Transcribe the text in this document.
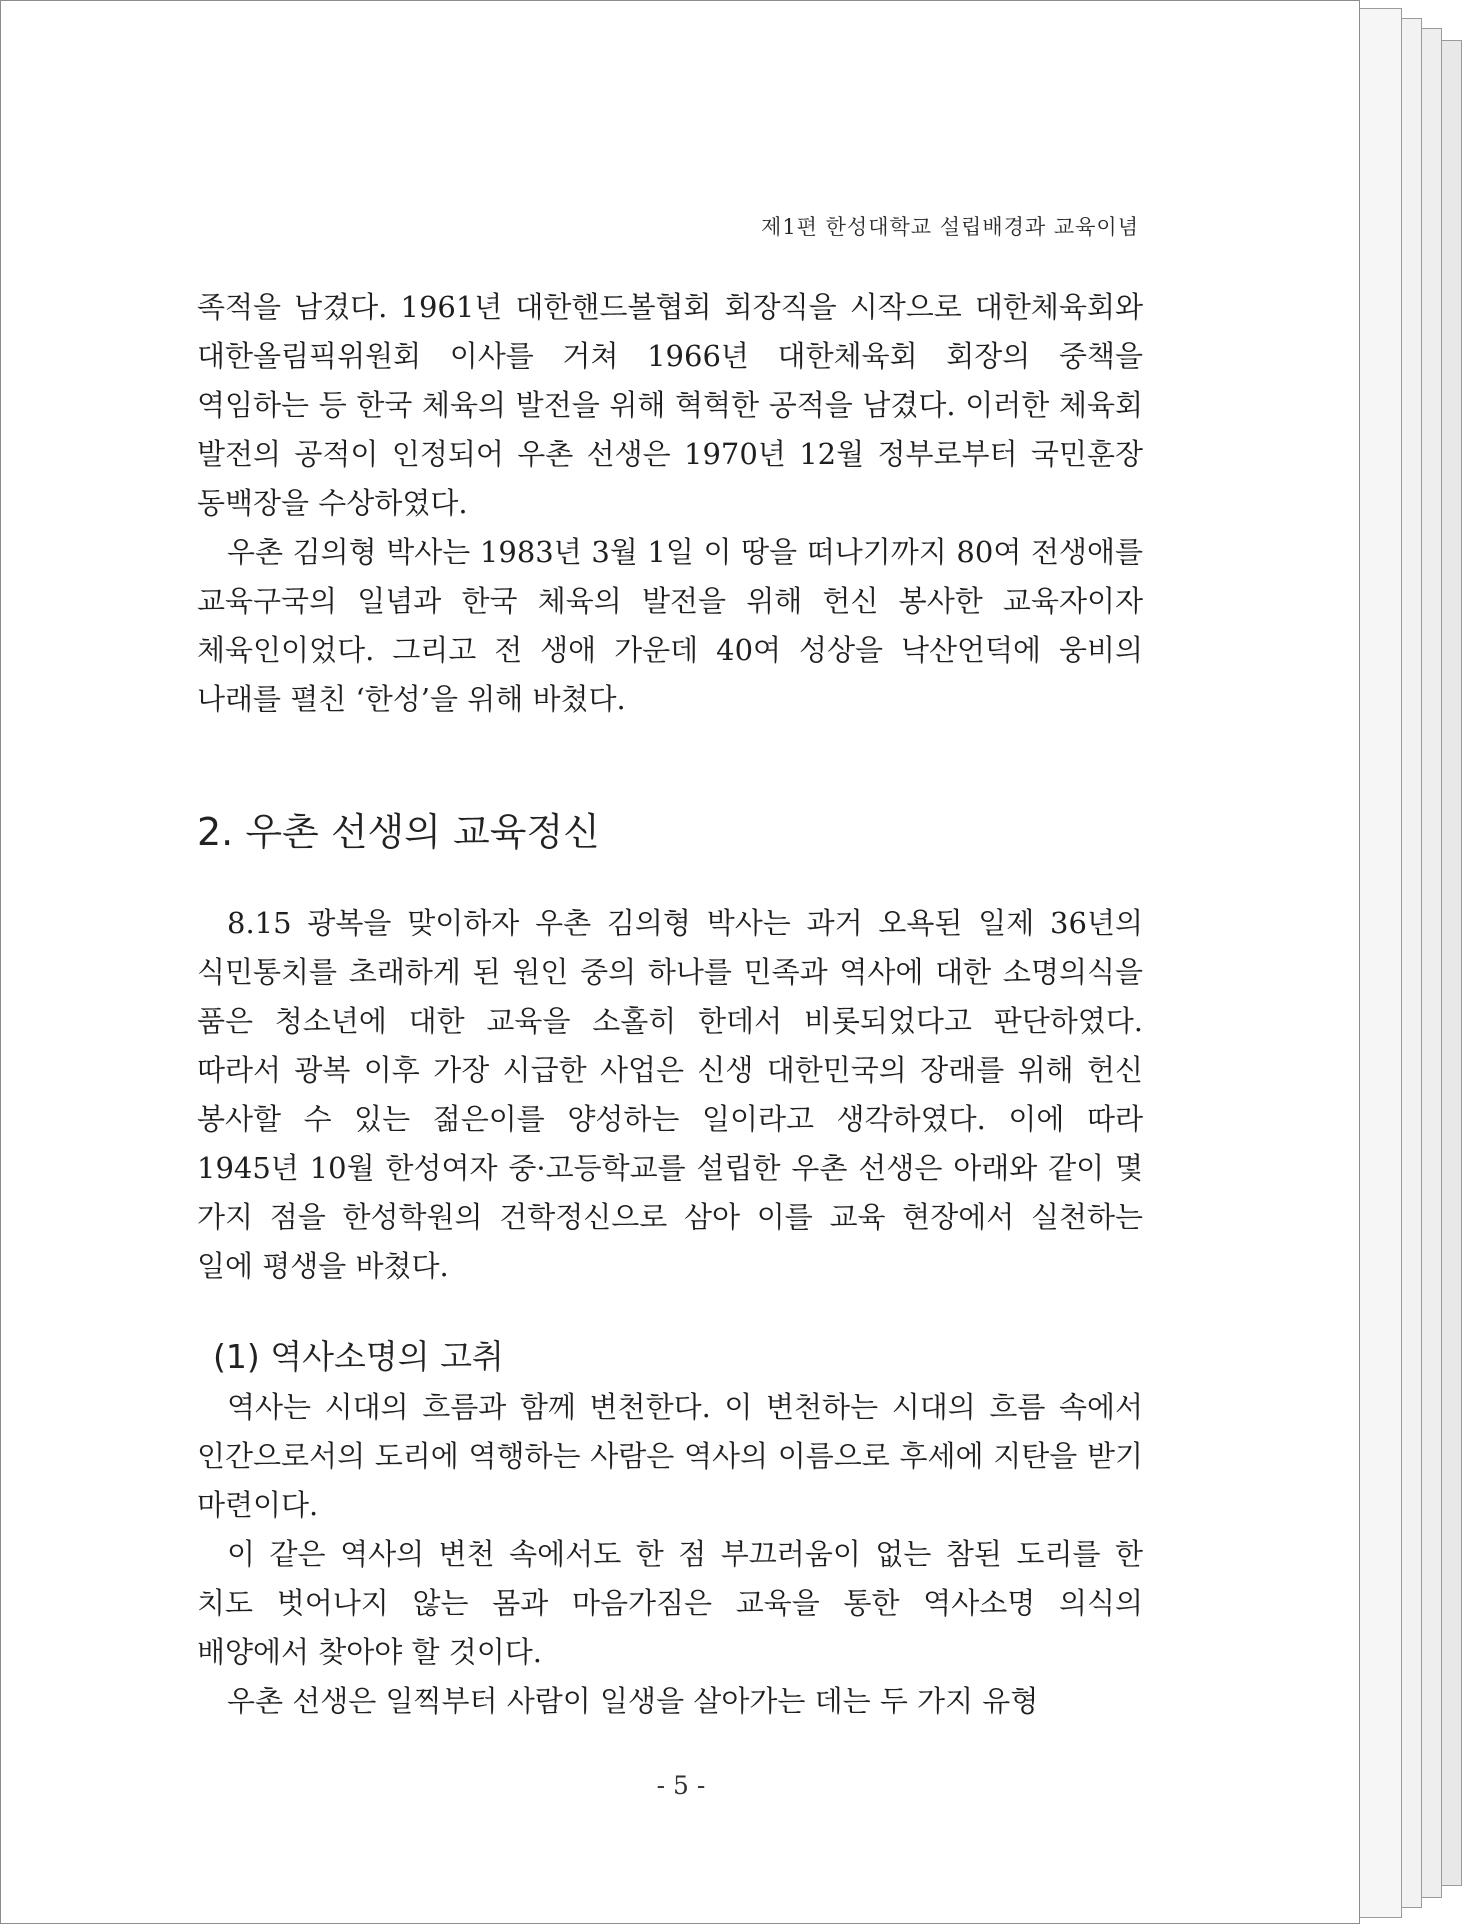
제1편 한성대학교 설립배경과 교육이념

족적을 남겼다. 1961년 대한핸드볼협회 회장직을 시작으로 대한체육회와 대한올림픽위원회 이사를 거쳐 1966년 대한체육회 회장의 중책을 역임하는 등 한국 체육의 발전을 위해 혁혁한 공적을 남겼다. 이러한 체육회 발전의 공적이 인정되어 우촌 선생은 1970년 12월 정부로부터 국민훈장 동백장을 수상하였다.

우촌 김의형 박사는 1983년 3월 1일 이 땅을 떠나기까지 80여 전생애를 교육구국의 일념과 한국 체육의 발전을 위해 헌신 봉사한 교육자이자 체육인이었다. 그리고 전 생애 가운데 40여 성상을 낙산언덕에 웅비의 나래를 펼친 ‘한성’을 위해 바쳤다.

2. 우촌 선생의 교육정신

8.15 광복을 맞이하자 우촌 김의형 박사는 과거 오욕된 일제 36년의 식민통치를 초래하게 된 원인 중의 하나를 민족과 역사에 대한 소명의식을 품은 청소년에 대한 교육을 소홀히 한데서 비롯되었다고 판단하였다. 따라서 광복 이후 가장 시급한 사업은 신생 대한민국의 장래를 위해 헌신 봉사할 수 있는 젊은이를 양성하는 일이라고 생각하였다. 이에 따라 1945년 10월 한성여자 중·고등학교를 설립한 우촌 선생은 아래와 같이 몇 가지 점을 한성학원의 건학정신으로 삼아 이를 교육 현장에서 실천하는 일에 평생을 바쳤다.

(1) 역사소명의 고취

역사는 시대의 흐름과 함께 변천한다. 이 변천하는 시대의 흐름 속에서 인간으로서의 도리에 역행하는 사람은 역사의 이름으로 후세에 지탄을 받기 마련이다.

이 같은 역사의 변천 속에서도 한 점 부끄러움이 없는 참된 도리를 한 치도 벗어나지 않는 몸과 마음가짐은 교육을 통한 역사소명 의식의 배양에서 찾아야 할 것이다.

우촌 선생은 일찍부터 사람이 일생을 살아가는 데는 두 가지 유형

- 5 -
